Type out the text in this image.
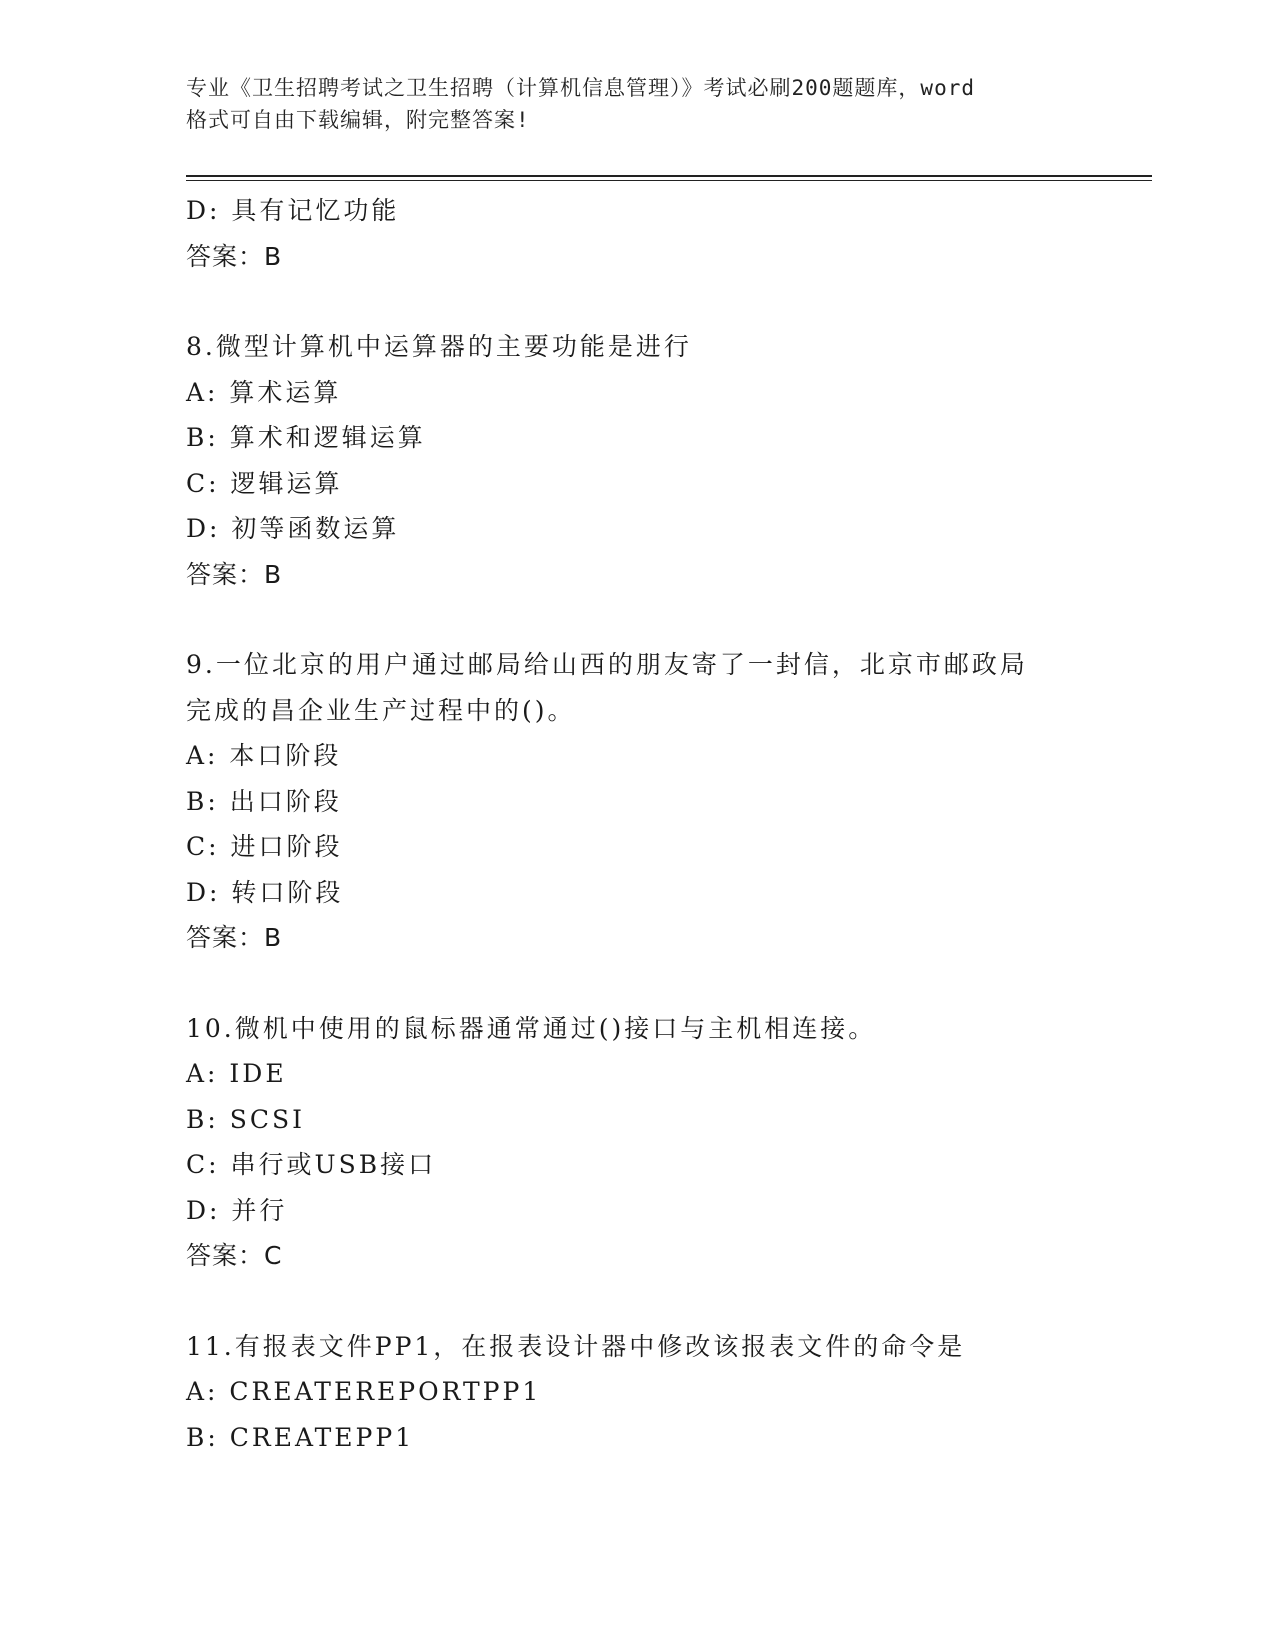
专业《卫生招聘考试之卫生招聘（计算机信息管理）》考试必刷200题题库，word
格式可自由下载编辑，附完整答案!
D: 具有记忆功能
答案：B
8.微型计算机中运算器的主要功能是进行
A: 算术运算
B: 算术和逻辑运算
C: 逻辑运算
D: 初等函数运算
答案：B
9.一位北京的用户通过邮局给山西的朋友寄了一封信，北京市邮政局
完成的昌企业生产过程中的()。
A: 本口阶段
B: 出口阶段
C: 进口阶段
D: 转口阶段
答案：B
10.微机中使用的鼠标器通常通过()接口与主机相连接。
A: IDE
B: SCSI
C: 串行或USB接口
D: 并行
答案：C
11.有报表文件PP1，在报表设计器中修改该报表文件的命令是
A: CREATEREPORTPP1
B: CREATEPP1
